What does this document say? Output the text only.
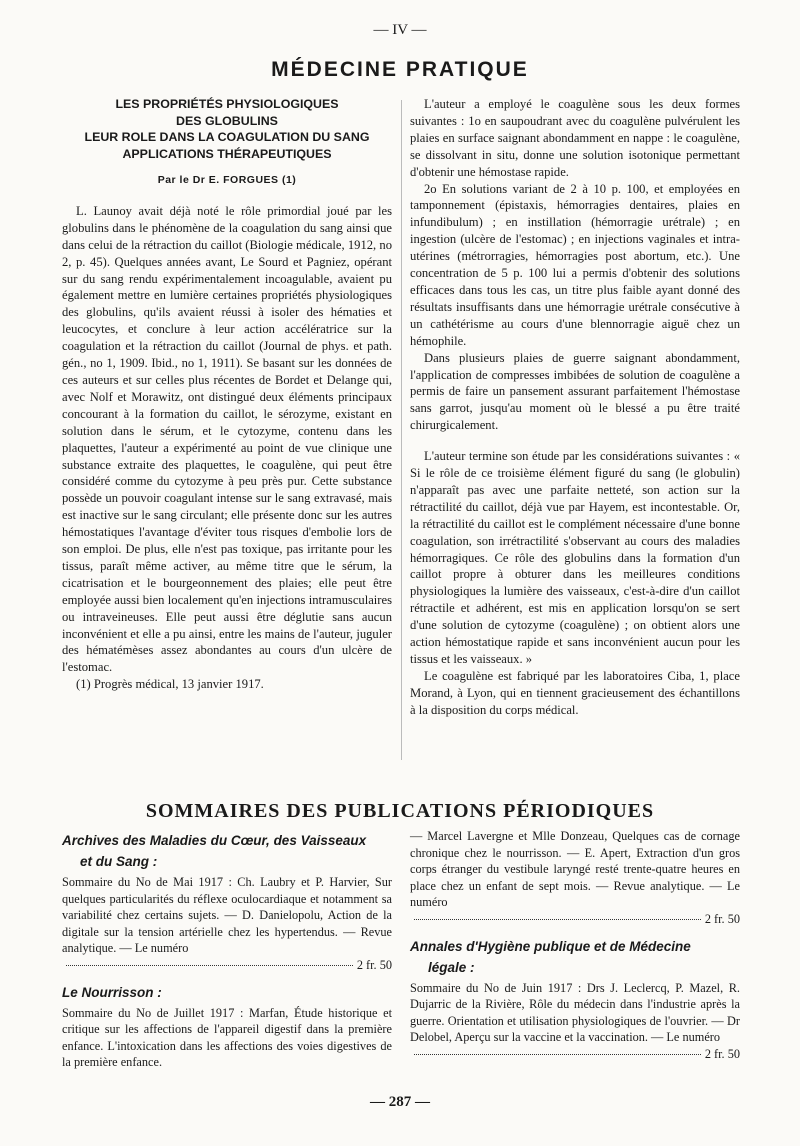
— IV —
MÉDECINE PRATIQUE
LES PROPRIÉTÉS PHYSIOLOGIQUES
DES GLOBULINS
LEUR ROLE DANS LA COAGULATION DU SANG
APPLICATIONS THÉRAPEUTIQUES
Par le Dr E. FORGUES (1)

L. Launoy avait déjà noté le rôle primordial joué par les globulins dans le phénomène de la coagulation du sang ainsi que dans celui de la rétraction du caillot (Biologie médicale, 1912, no 2, p. 45). Quelques années avant, Le Sourd et Pagniez, opérant sur du sang rendu expérimentalement incoagulable, avaient pu également mettre en lumière certaines propriétés physiologiques des globulins, qu'ils avaient réussi à isoler des hématies et leucocytes, et conclure à leur action accélératrice sur la coagulation et la rétraction du caillot (Journal de phys. et path. gén., no 1, 1909. Ibid., no 1, 1911). Se basant sur les données de ces auteurs et sur celles plus récentes de Bordet et Delange qui, avec Nolf et Morawitz, ont distingué deux éléments principaux concourant à la formation du caillot, le sérozyme, existant en solution dans le sérum, et le cytozyme, contenu dans les plaquettes, l'auteur a expérimenté au point de vue clinique une substance extraite des plaquettes, le coagulène, qui peut être considéré comme du cytozyme à peu près pur. Cette substance possède un pouvoir coagulant intense sur le sang extravasé, mais est inactive sur le sang circulant; elle présente donc sur les autres hémostatiques l'avantage d'éviter tous risques d'embolie lors de son emploi. De plus, elle n'est pas toxique, pas irritante pour les tissus, paraît même activer, au même titre que le sérum, la cicatrisation et le bourgeonnement des plaies; elle peut être employée aussi bien localement qu'en injections intramusculaires ou intraveineuses. Elle peut aussi être déglutie sans aucun inconvénient et elle a pu ainsi, entre les mains de l'auteur, juguler des hématémèses assez abondantes au cours d'un ulcère de l'estomac.

(1) Progrès médical, 13 janvier 1917.

L'auteur a employé le coagulène sous les deux formes suivantes : 1o en saupoudrant avec du coagulène pulvérulent les plaies en surface saignant abondamment en nappe : le coagulène, se dissolvant in situ, donne une solution isotonique permettant d'obtenir une hémostase rapide.

2o En solutions variant de 2 à 10 p. 100, et employées en tamponnement (épistaxis, hémorragies dentaires, plaies en infundibulum) ; en instillation (hémorragie urétrale) ; en ingestion (ulcère de l'estomac) ; en injections vaginales et intra-utérines (métrorragies, hémorragies post abortum, etc.). Une concentration de 5 p. 100 lui a permis d'obtenir des solutions efficaces dans tous les cas, un titre plus faible ayant donné des résultats insuffisants dans une hémorragie urétrale consécutive à un cathétérisme au cours d'une blennorragie aiguë chez un hémophile.

Dans plusieurs plaies de guerre saignant abondamment, l'application de compresses imbibées de solution de coagulène a permis de faire un pansement assurant parfaitement l'hémostase sans garrot, jusqu'au moment où le blessé a pu être traité chirurgicalement.

L'auteur termine son étude par les considérations suivantes : « Si le rôle de ce troisième élément figuré du sang (le globulin) n'apparaît pas avec une parfaite netteté, son action sur la rétractilité du caillot, déjà vue par Hayem, est incontestable. Or, la rétractilité du caillot est le complément nécessaire d'une bonne coagulation, son irrétractilité s'observant au cours des maladies hémorragiques. Ce rôle des globulins dans la formation d'un caillot propre à obturer dans les meilleures conditions physiologiques la lumière des vaisseaux, c'est-à-dire d'un caillot rétractile et adhérent, est mis en application lorsqu'on se sert d'une solution de cytozyme (coagulène) ; on obtient alors une action hémostatique rapide et sans inconvénient aucun pour les tissus et les vaisseaux. »

Le coagulène est fabriqué par les laboratoires Ciba, 1, place Morand, à Lyon, qui en tiennent gracieusement des échantillons à la disposition du corps médical.

SOMMAIRES DES PUBLICATIONS PÉRIODIQUES
Archives des Maladies du Cœur, des Vaisseaux
et du Sang :

Sommaire du No de Mai 1917 : Ch. Laubry et P. Harvier, Sur quelques particularités du réflexe oculocardiaque et notamment sa variabilité chez certains sujets. — D. Danielopolu, Action de la digitale sur la tension artérielle chez les hypertendus. — Revue analytique. — Le numéro

2 fr. 50
Le Nourrisson :

Sommaire du No de Juillet 1917 : Marfan, Étude historique et critique sur les affections de l'appareil digestif dans la première enfance. L'intoxication dans les affections des voies digestives de la première enfance.

— Marcel Lavergne et Mlle Donzeau, Quelques cas de cornage chronique chez le nourrisson. — E. Apert, Extraction d'un gros corps étranger du vestibule laryngé resté trente-quatre heures en place chez un enfant de sept mois. — Revue analytique. — Le numéro

2 fr. 50
Annales d'Hygiène publique et de Médecine
légale :

Sommaire du No de Juin 1917 : Drs J. Leclercq, P. Mazel, R. Dujarric de la Rivière, Rôle du médecin dans l'industrie après la guerre. Orientation et utilisation physiologiques de l'ouvrier. — Dr Delobel, Aperçu sur la vaccine et la vaccination. — Le numéro

2 fr. 50
— 287 —
